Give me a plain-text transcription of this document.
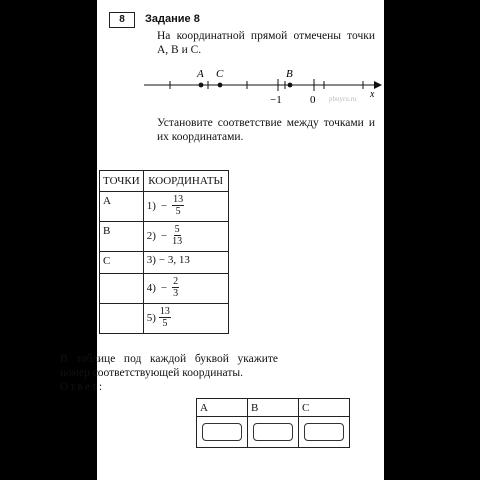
8	Задание 8
На координатной прямой отмечены точки A, B и C.
A C	B
−1	0	x
pbuyru.ru
Установите соответствие между точками и их координатами.
ТОЧКИ	КООРДИНАТЫ
A	$1) - \frac{13}{5}$

B	$2) - \frac{5}{13}$

C	3) − 3, 13

	$4) - \frac{2}{3}$

	$5) \frac{13}{5}$
В таблице под каждой буквой укажите номер соответствующей координаты.
Ответ:
A	B	C
